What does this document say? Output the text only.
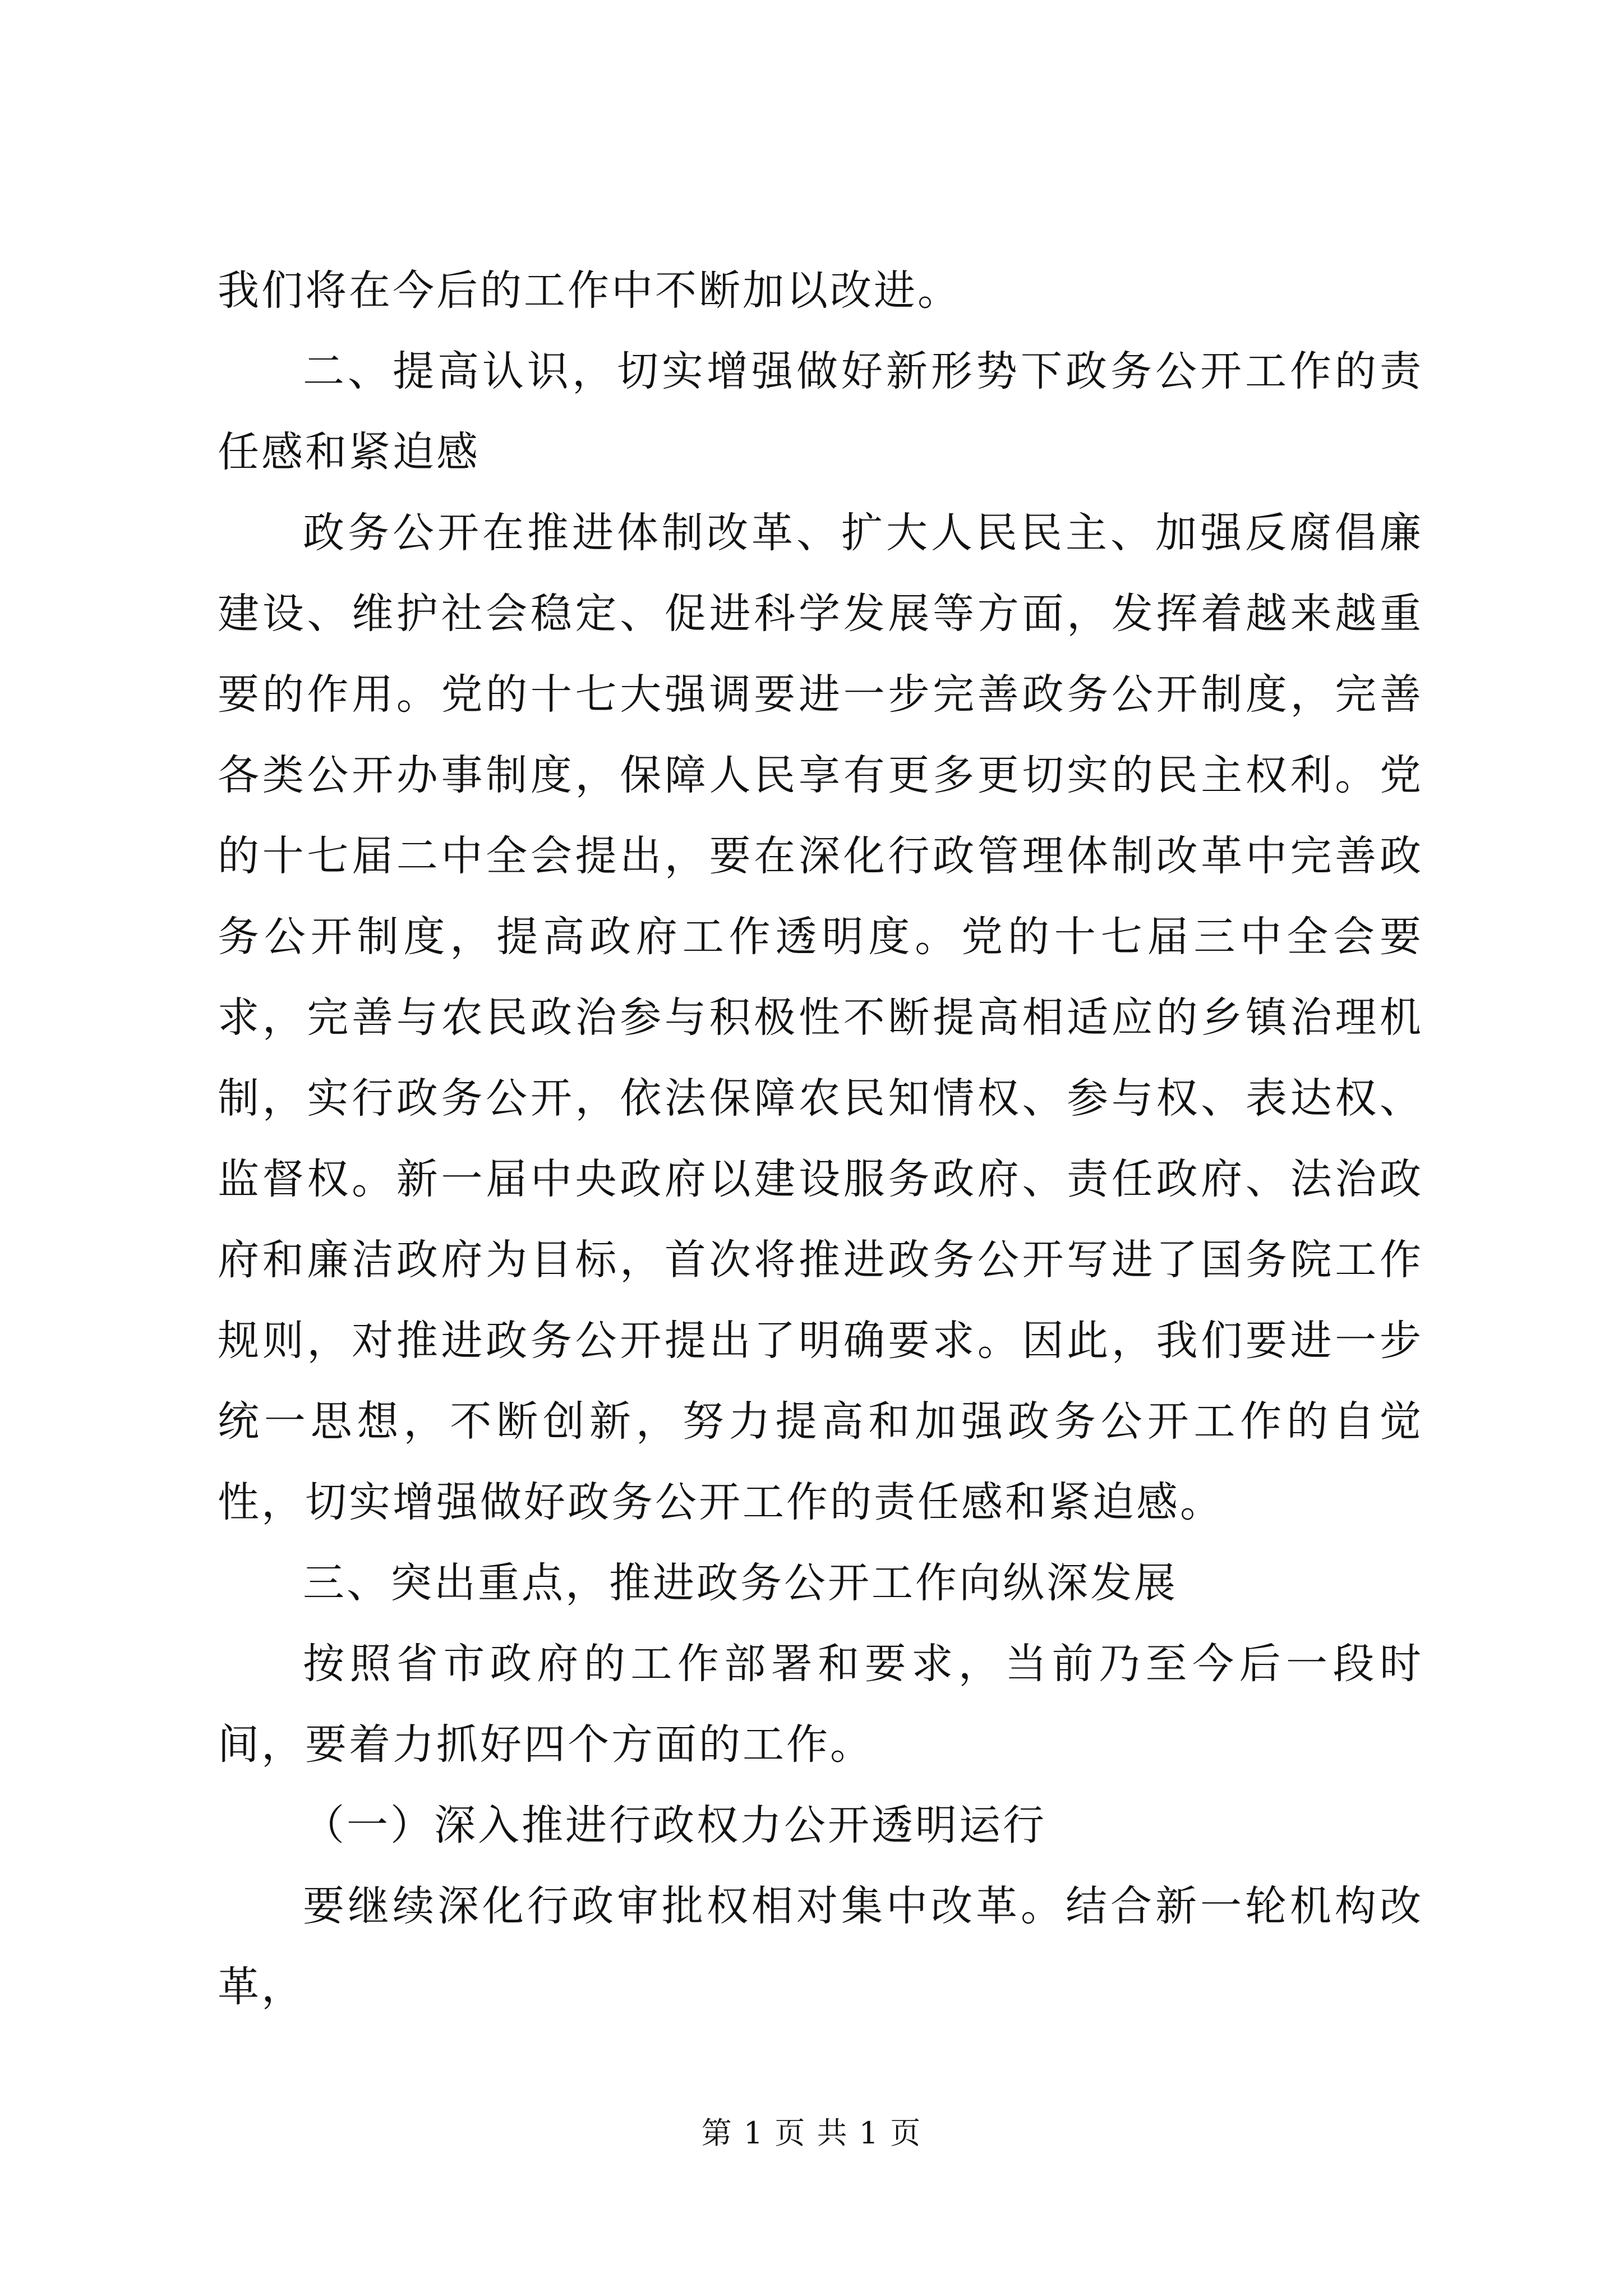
我们将在今后的工作中不断加以改进。

二、提高认识，切实增强做好新形势下政务公开工作的责任感和紧迫感

政务公开在推进体制改革、扩大人民民主、加强反腐倡廉建设、维护社会稳定、促进科学发展等方面，发挥着越来越重要的作用。党的十七大强调要进一步完善政务公开制度，完善各类公开办事制度，保障人民享有更多更切实的民主权利。党的十七届二中全会提出，要在深化行政管理体制改革中完善政务公开制度，提高政府工作透明度。党的十七届三中全会要求，完善与农民政治参与积极性不断提高相适应的乡镇治理机制，实行政务公开，依法保障农民知情权、参与权、表达权、监督权。新一届中央政府以建设服务政府、责任政府、法治政府和廉洁政府为目标，首次将推进政务公开写进了国务院工作规则，对推进政务公开提出了明确要求。因此，我们要进一步统一思想，不断创新，努力提高和加强政务公开工作的自觉性，切实增强做好政务公开工作的责任感和紧迫感。

三、突出重点，推进政务公开工作向纵深发展

按照省市政府的工作部署和要求，当前乃至今后一段时间，要着力抓好四个方面的工作。

（一）深入推进行政权力公开透明运行

要继续深化行政审批权相对集中改革。结合新一轮机构改革，

第 1 页 共 1 页
